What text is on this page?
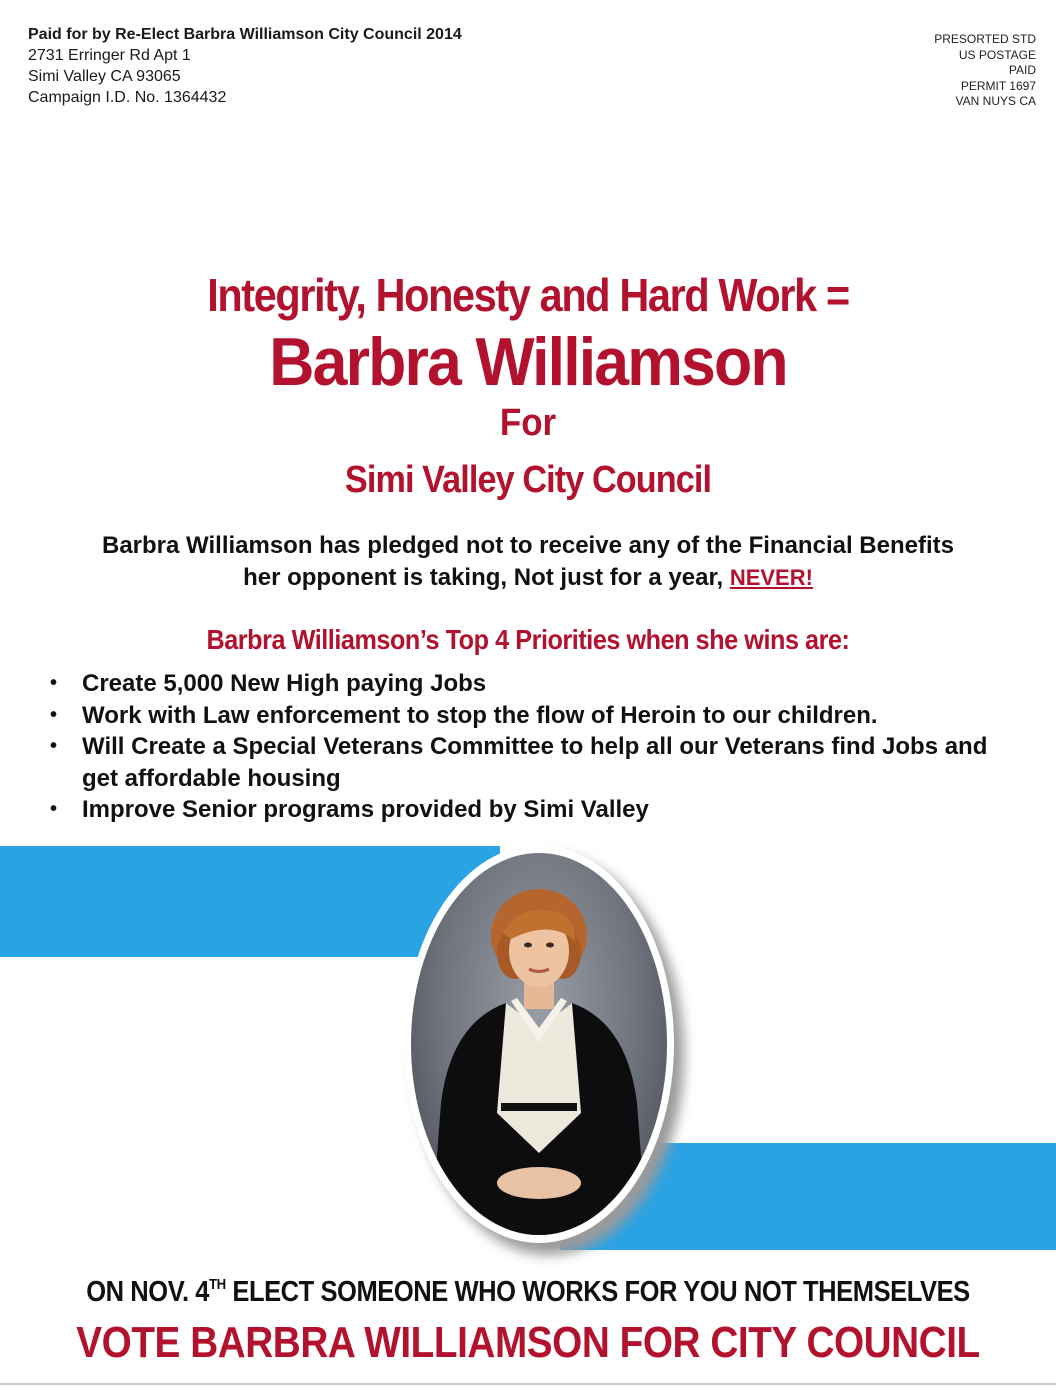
Paid for by Re-Elect Barbra Williamson City Council 2014
2731 Erringer Rd Apt 1
Simi Valley CA 93065
Campaign I.D. No. 1364432
PRESORTED STD
US POSTAGE
PAID
PERMIT 1697
VAN NUYS CA
Integrity, Honesty and Hard Work =
Barbra Williamson
For
Simi Valley City Council
Barbra Williamson has pledged not to receive any of the Financial Benefits
her opponent is taking, Not just for a year, NEVER!
Barbra Williamson’s Top 4 Priorities when she wins are:
• Create 5,000 New High paying Jobs
• Work with Law enforcement to stop the flow of Heroin to our children.
• Will Create a Special Veterans Committee to help all our Veterans find Jobs and get affordable housing
• Improve Senior programs provided by Simi Valley
ON NOV. 4TH ELECT SOMEONE WHO WORKS FOR YOU NOT THEMSELVES
VOTE BARBRA WILLIAMSON FOR CITY COUNCIL
